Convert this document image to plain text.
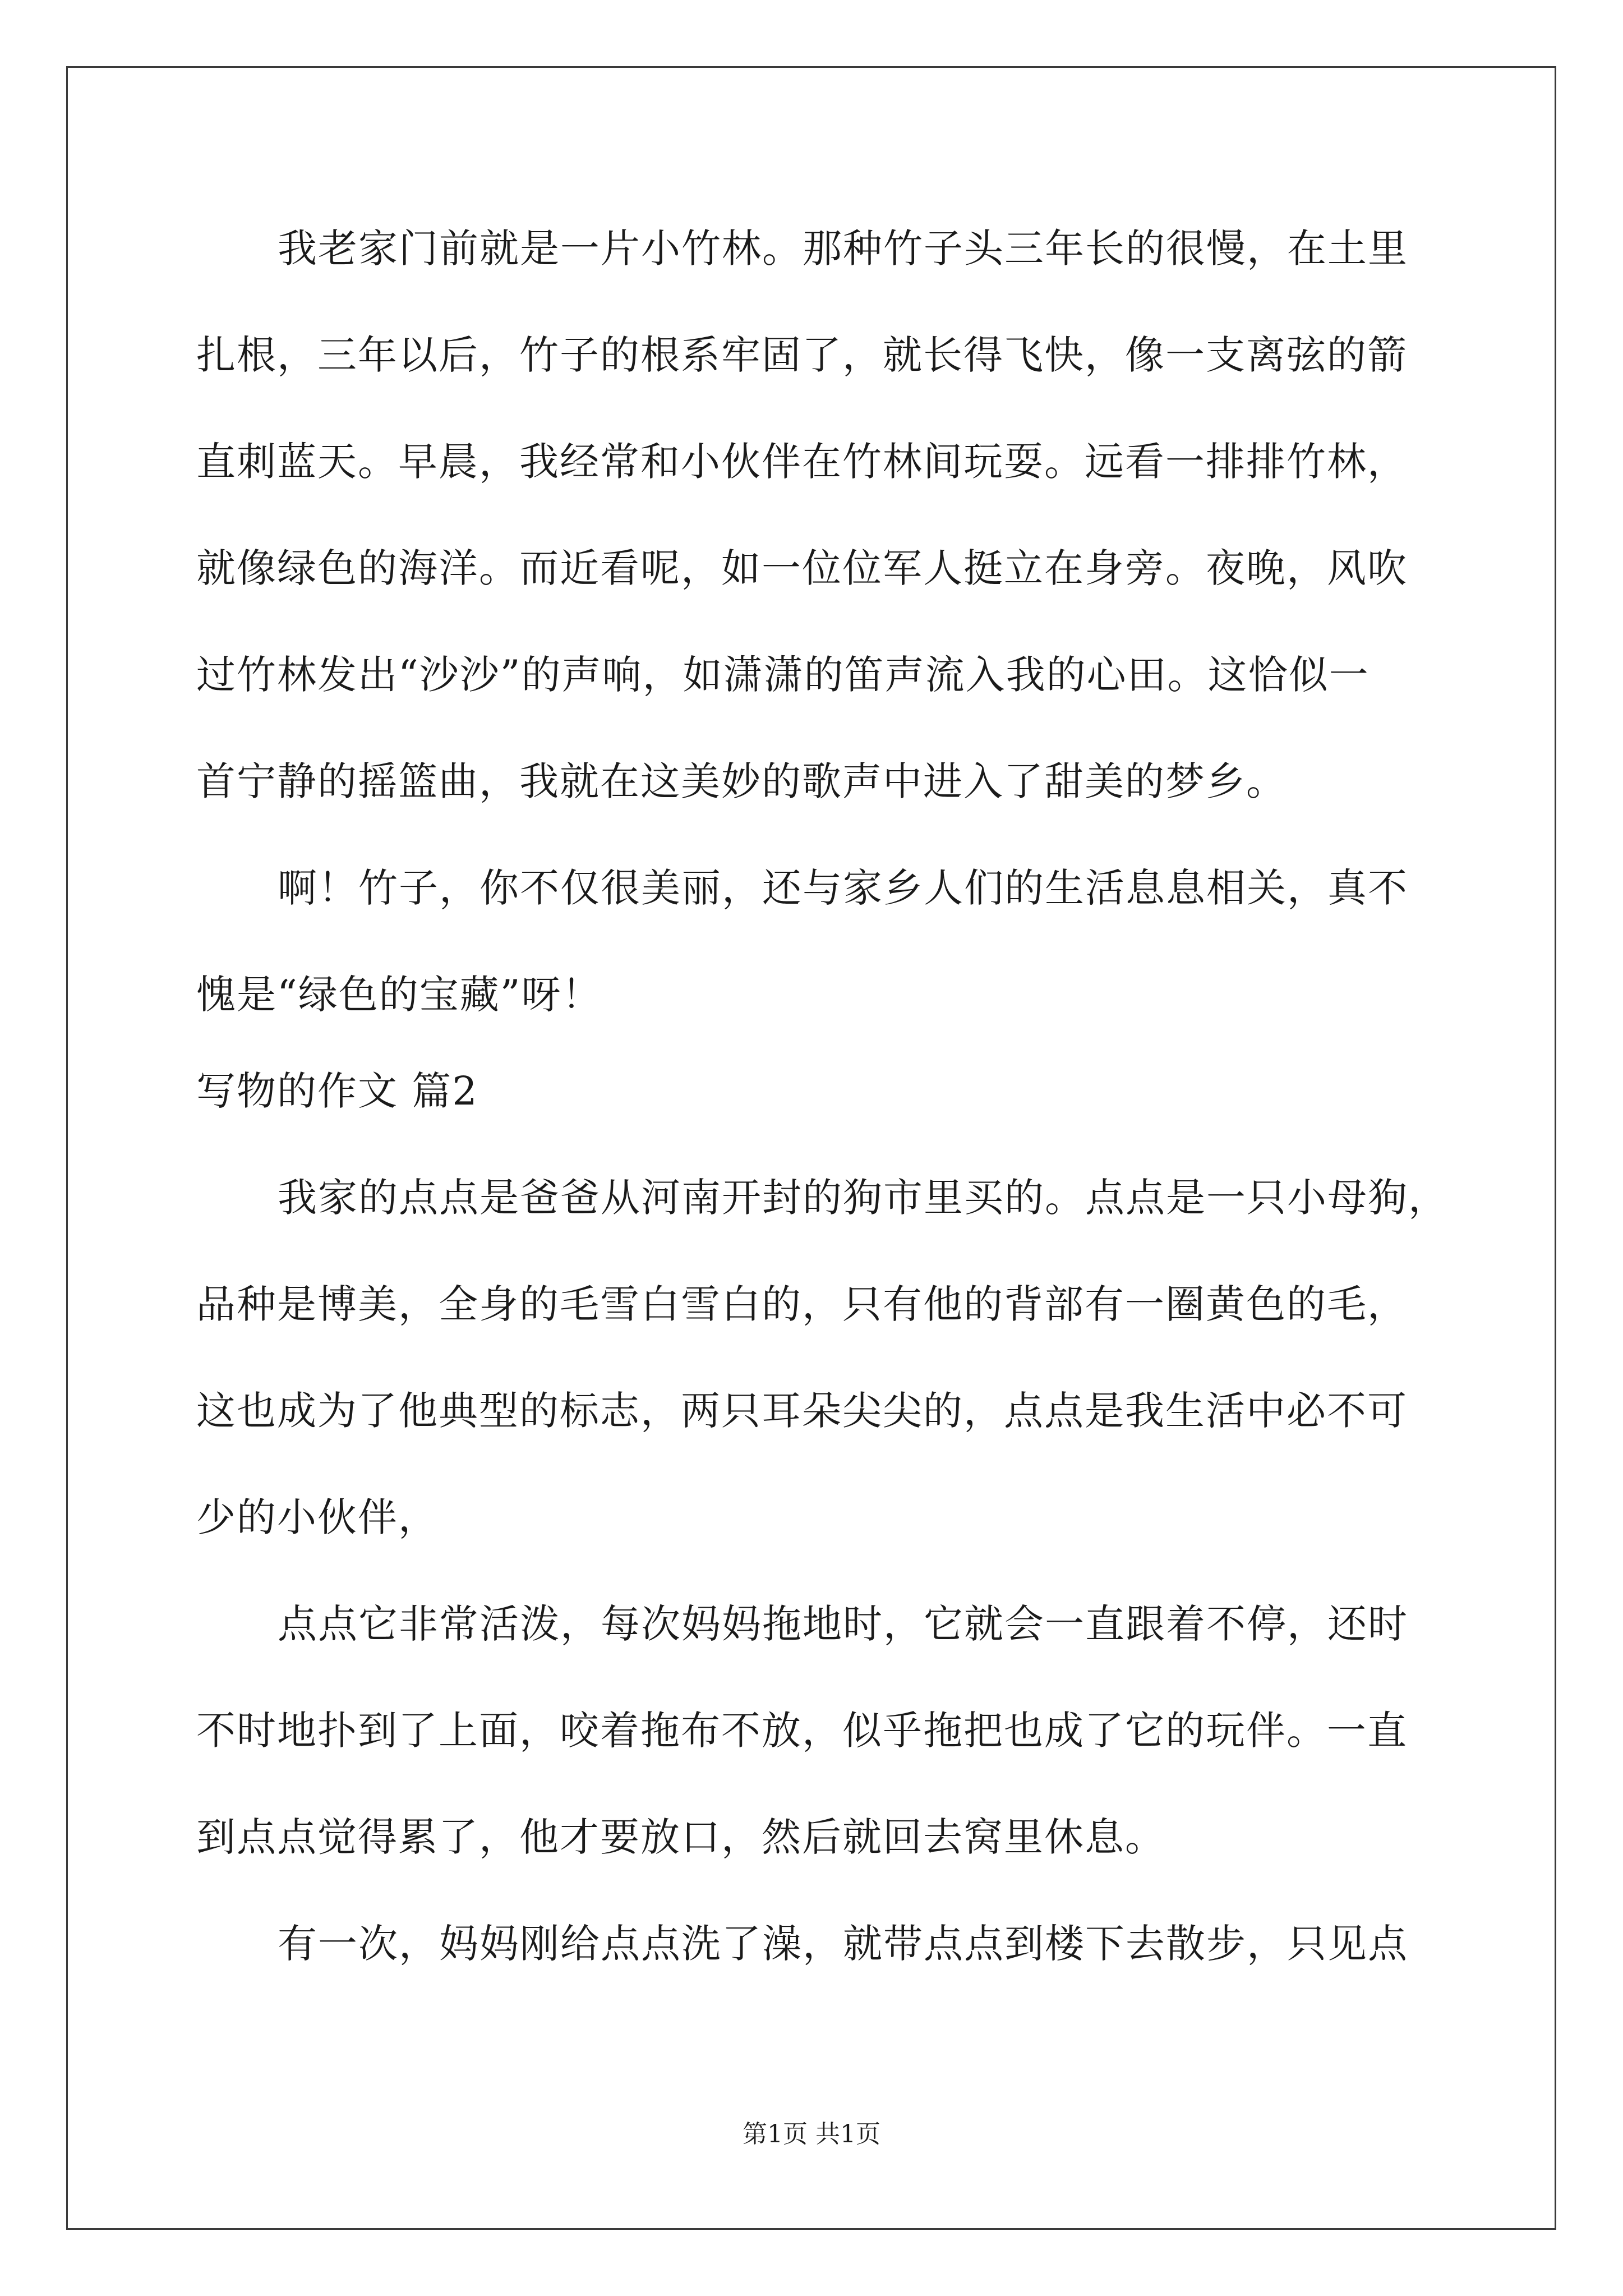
我老家门前就是一片小竹林。那种竹子头三年长的很慢，在土里
扎根，三年以后，竹子的根系牢固了，就长得飞快，像一支离弦的箭
直刺蓝天。早晨，我经常和小伙伴在竹林间玩耍。远看一排排竹林，
就像绿色的海洋。而近看呢，如一位位军人挺立在身旁。夜晚，风吹
过竹林发出“沙沙”的声响，如潇潇的笛声流入我的心田。这恰似一
首宁静的摇篮曲，我就在这美妙的歌声中进入了甜美的梦乡。
啊！竹子，你不仅很美丽，还与家乡人们的生活息息相关，真不
愧是“绿色的宝藏”呀！
写物的作文 篇2
我家的点点是爸爸从河南开封的狗市里买的。点点是一只小母狗，
品种是博美，全身的毛雪白雪白的，只有他的背部有一圈黄色的毛，
这也成为了他典型的标志，两只耳朵尖尖的，点点是我生活中必不可
少的小伙伴，
点点它非常活泼，每次妈妈拖地时，它就会一直跟着不停，还时
不时地扑到了上面，咬着拖布不放，似乎拖把也成了它的玩伴。一直
到点点觉得累了，他才要放口，然后就回去窝里休息。
有一次，妈妈刚给点点洗了澡，就带点点到楼下去散步，只见点
第1页 共1页
